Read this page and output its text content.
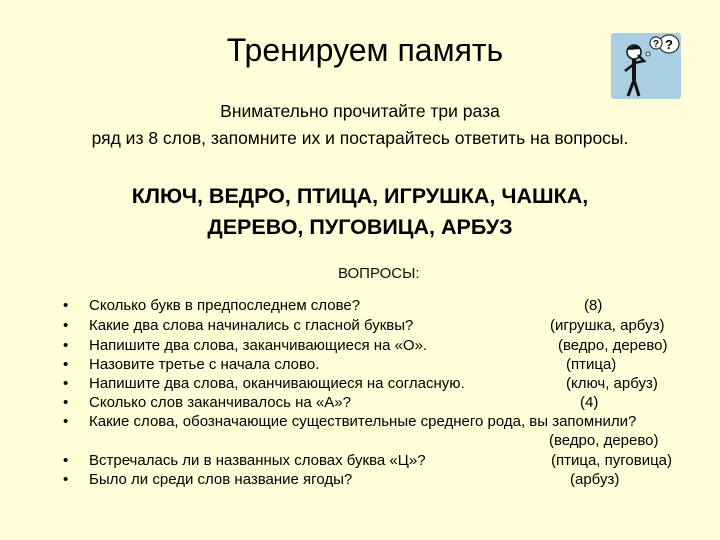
Тренируем память	?
?
Внимательно прочитайте три раза
ряд из 8 слов, запомните их и постарайтесь ответить на вопросы.
КЛЮЧ, ВЕДРО, ПТИЦА, ИГРУШКА, ЧАШКА,
ДЕРЕВО, ПУГОВИЦА, АРБУЗ
ВОПРОСЫ:
• Сколько букв в предпоследнем слове?	(8)
• Какие два слова начинались с гласной буквы?	(игрушка, арбуз)
• Напишите два слова, заканчивающиеся на «О».	(ведро, дерево)
• Назовите третье с начала слово.	(птица)
• Напишите два слова, оканчивающиеся на согласную.	(ключ, арбуз)
• Сколько слов заканчивалось на «А»?	(4)
• Какие слова, обозначающие существительные среднего рода, вы запомнили?
(ведро, дерево)
• Встречалась ли в названных словах буква «Ц»?	(птица, пуговица)
• Было ли среди слов название ягоды?	(арбуз)
